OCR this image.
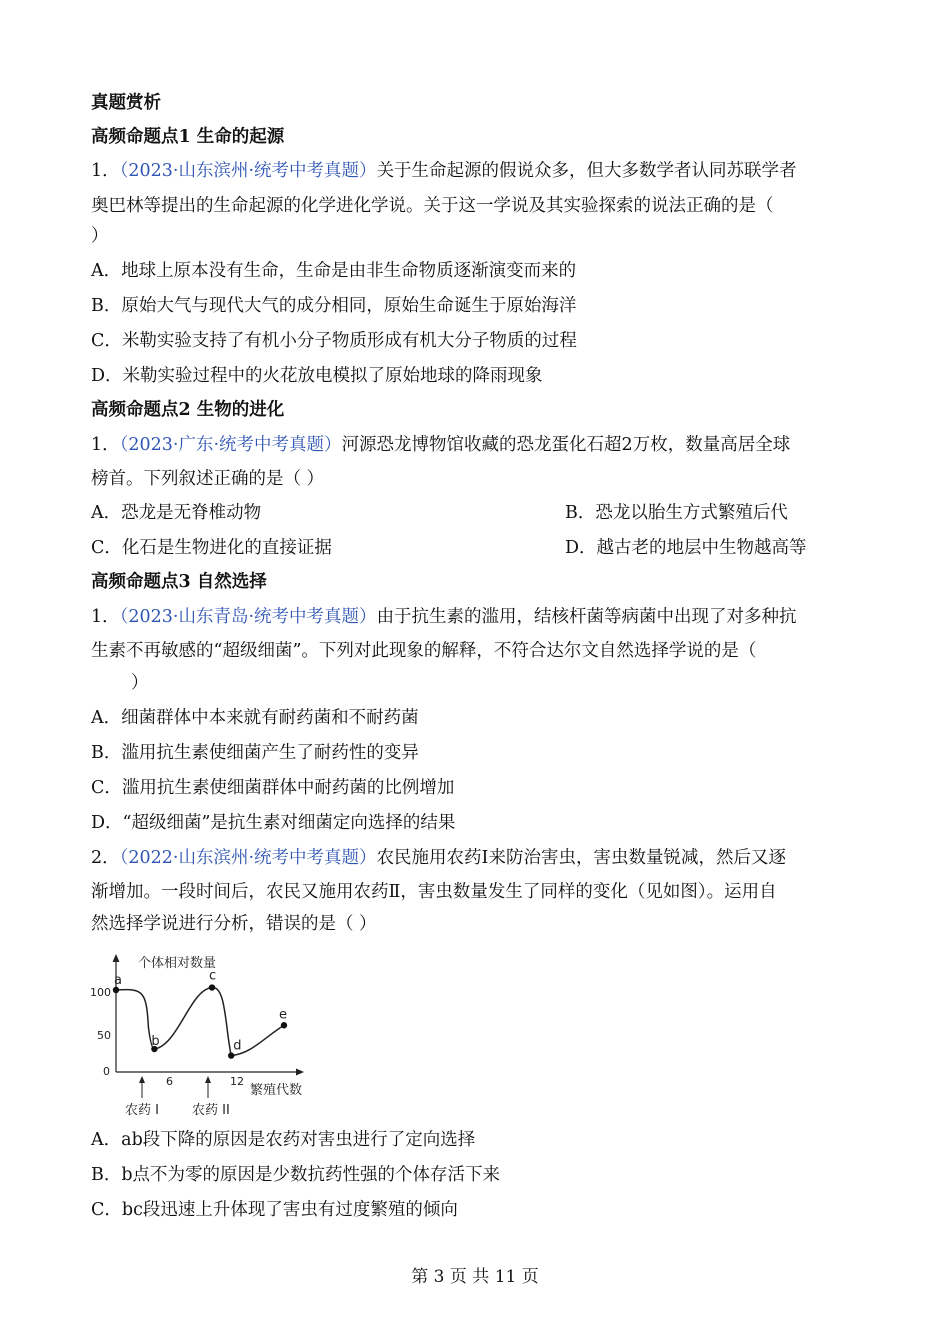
真题赏析
高频命题点1 生命的起源
1．（2023·山东滨州·统考中考真题）关于生命起源的假说众多，但大多数学者认同苏联学者
奥巴林等提出的生命起源的化学进化学说。关于这一学说及其实验探索的说法正确的是（
）
A．地球上原本没有生命，生命是由非生命物质逐渐演变而来的
B．原始大气与现代大气的成分相同，原始生命诞生于原始海洋
C．米勒实验支持了有机小分子物质形成有机大分子物质的过程
D．米勒实验过程中的火花放电模拟了原始地球的降雨现象
高频命题点2 生物的进化
1．（2023·广东·统考中考真题）河源恐龙博物馆收藏的恐龙蛋化石超2万枚，数量高居全球
榜首。下列叙述正确的是（ ）
A．恐龙是无脊椎动物	B．恐龙以胎生方式繁殖后代
C．化石是生物进化的直接证据	D．越古老的地层中生物越高等
高频命题点3 自然选择
1．（2023·山东青岛·统考中考真题）由于抗生素的滥用，结核杆菌等病菌中出现了对多种抗
生素不再敏感的“超级细菌”。下列对此现象的解释，不符合达尔文自然选择学说的是（
）
A．细菌群体中本来就有耐药菌和不耐药菌
B．滥用抗生素使细菌产生了耐药性的变异
C．滥用抗生素使细菌群体中耐药菌的比例增加
D．“超级细菌”是抗生素对细菌定向选择的结果
2．（2022·山东滨州·统考中考真题）农民施用农药Ⅰ来防治害虫，害虫数量锐减，然后又逐
渐增加。一段时间后，农民又施用农药Ⅱ，害虫数量发生了同样的变化（见如图）。运用自
然选择学说进行分析，错误的是（ ）
个体相对数量
繁殖代数
100
50
0
6	12
农药 I	农药 II
a
b
c
d
e
A．ab段下降的原因是农药对害虫进行了定向选择
B．b点不为零的原因是少数抗药性强的个体存活下来
C．bc段迅速上升体现了害虫有过度繁殖的倾向
第 3 页 共 11 页
